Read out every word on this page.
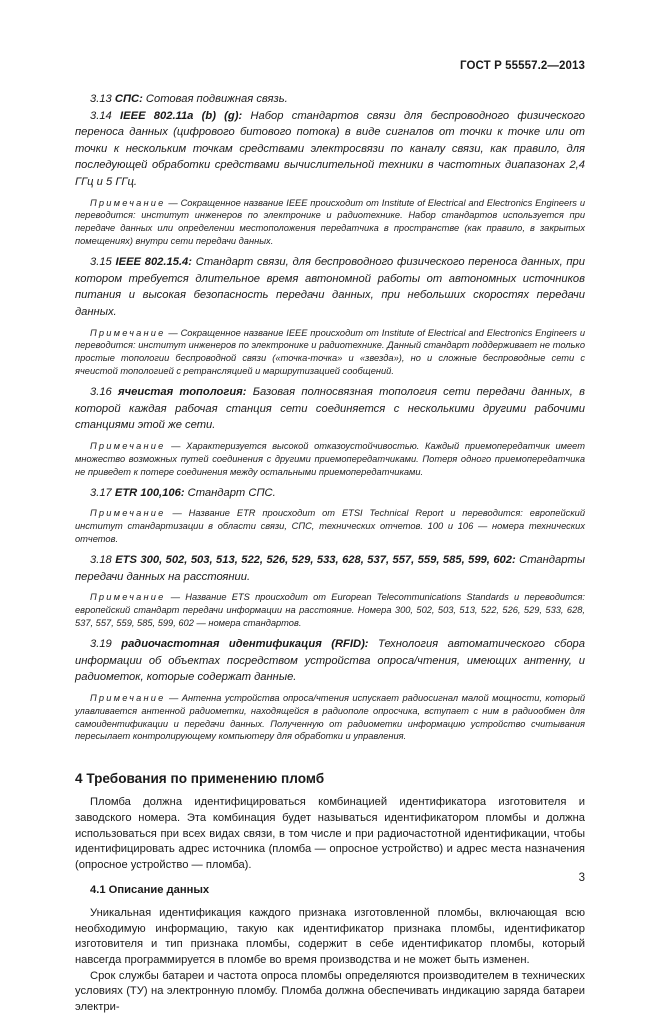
ГОСТ Р 55557.2—2013

3.13 СПС: Сотовая подвижная связь.

3.14 IEEE 802.11a (b) (g): Набор стандартов связи для беспроводного физического переноса данных (цифрового битового потока) в виде сигналов от точки к точке или от точки к нескольким точкам средствами электросвязи по каналу связи, как правило, для последующей обработки средствами вычислительной техники в частотных диапазонах 2,4 ГГц и 5 ГГц.

Примечание — Сокращенное название IEEE происходит от Institute of Electrical and Electronics Engineers и переводится: институт инженеров по электронике и радиотехнике. Набор стандартов используется при передаче данных или определении местоположения передатчика в пространстве (как правило, в закрытых помещениях) внутри сети передачи данных.

3.15 IEEE 802.15.4: Стандарт связи, для беспроводного физического переноса данных, при котором требуется длительное время автономной работы от автономных источников питания и высокая безопасность передачи данных, при небольших скоростях передачи данных.

Примечание — Сокращенное название IEEE происходит от Institute of Electrical and Electronics Engineers и переводится: институт инженеров по электронике и радиотехнике. Данный стандарт поддерживает не только простые топологии беспроводной связи («точка-точка» и «звезда»), но и сложные беспроводные сети с ячеистой топологией с ретрансляцией и маршрутизацией сообщений.

3.16 ячеистая топология: Базовая полносвязная топология сети передачи данных, в которой каждая рабочая станция сети соединяется с несколькими другими рабочими станциями этой же сети.

Примечание — Характеризуется высокой отказоустойчивостью. Каждый приемопередатчик имеет множество возможных путей соединения с другими приемопередатчиками. Потеря одного приемопередатчика не приведет к потере соединения между остальными приемопередатчиками.

3.17 ETR 100,106: Стандарт СПС.

Примечание — Название ETR происходит от ETSI Technical Report и переводится: европейский институт стандартизации в области связи, СПС, технических отчетов. 100 и 106 — номера технических отчетов.

3.18 ETS 300, 502, 503, 513, 522, 526, 529, 533, 628, 537, 557, 559, 585, 599, 602: Стандарты передачи данных на расстоянии.

Примечание — Название ETS происходит от European Telecommunications Standards и переводится: европейский стандарт передачи информации на расстояние. Номера 300, 502, 503, 513, 522, 526, 529, 533, 628, 537, 557, 559, 585, 599, 602 — номера стандартов.

3.19 радиочастотная идентификация (RFID): Технология автоматического сбора информации об объектах посредством устройства опроса/чтения, имеющих антенну, и радиометок, которые содержат данные.

Примечание — Антенна устройства опроса/чтения испускает радиосигнал малой мощности, который улавливается антенной радиометки, находящейся в радиополе опросчика, вступает с ним в радиообмен для самоидентификации и передачи данных. Полученную от радиометки информацию устройство считывания пересылает контролирующему компьютеру для обработки и управления.

4 Требования по применению пломб

Пломба должна идентифицироваться комбинацией идентификатора изготовителя и заводского номера. Эта комбинация будет называться идентификатором пломбы и должна использоваться при всех видах связи, в том числе и при радиочастотной идентификации, чтобы идентифицировать адрес источника (пломба — опросное устройство) и адрес места назначения (опросное устройство — пломба).

4.1 Описание данных

Уникальная идентификация каждого признака изготовленной пломбы, включающая всю необходимую информацию, такую как идентификатор признака пломбы, идентификатор изготовителя и тип признака пломбы, содержит в себе идентификатор пломбы, который навсегда программируется в пломбе во время производства и не может быть изменен.

Срок службы батареи и частота опроса пломбы определяются производителем в технических условиях (ТУ) на электронную пломбу. Пломба должна обеспечивать индикацию заряда батареи электри-

3
